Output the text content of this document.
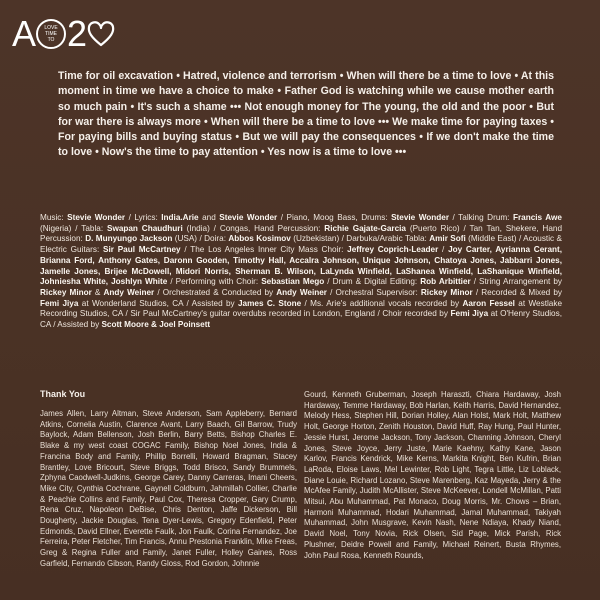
A LOVE
TIME
TO 2

Time for oil excavation • Hatred, violence and terrorism • When will there be a time to love • At this moment in time we have a choice to make • Father God is watching while we cause mother earth so much pain • It's such a shame ••• Not enough money for The young, the old and the poor • But for war there is always more • When will there be a time to love ••• We make time for paying taxes • For paying bills and buying status • But we will pay the consequences • If we don't make the time to love • Now's the time to pay attention • Yes now is a time to love •••

Music: Stevie Wonder / Lyrics: India.Arie and Stevie Wonder / Piano, Moog Bass, Drums: Stevie Wonder / Talking Drum: Francis Awe (Nigeria) / Tabla: Swapan Chaudhuri (India) / Congas, Hand Percussion: Richie Gajate-Garcia (Puerto Rico) / Tan Tan, Shekere, Hand Percussion: D. Munyungo Jackson (USA) / Doira: Abbos Kosimov (Uzbekistan) / Darbuka/Arabic Tabla: Amir Sofi (Middle East) / Acoustic & Electric Guitars: Sir Paul McCartney / The Los Angeles Inner City Mass Choir: Jeffrey Coprich-Leader / Joy Carter, Ayrianna Cerant, Brianna Ford, Anthony Gates, Daronn Gooden, Timothy Hall, Accalra Johnson, Unique Johnson, Chatoya Jones, Jabbarri Jones, Jamelle Jones, Brijee McDowell, Midori Norris, Sherman B. Wilson, LaLynda Winfield, LaShanea Winfield, LaShanique Winfield, Johniesha White, Joshlyn White / Performing with Choir: Sebastian Mego / Drum & Digital Editing: Rob Arbittier / String Arrangement by Rickey Minor & Andy Weiner / Orchestrated & Conducted by Andy Weiner / Orchestral Supervisor: Rickey Minor / Recorded & Mixed by Femi Jiya at Wonderland Studios, CA / Assisted by James C. Stone / Ms. Arie's additional vocals recorded by Aaron Fessel at Westlake Recording Studios, CA / Sir Paul McCartney's guitar overdubs recorded in London, England / Choir recorded by Femi Jiya at O'Henry Studios, CA / Assisted by Scott Moore & Joel Poinsett

Thank You

James Allen, Larry Altman, Steve Anderson, Sam Appleberry, Bernard Atkins, Cornelia Austin, Clarence Avant, Larry Baach, Gil Barrow, Trudy Baylock, Adam Bellenson, Josh Berlin, Barry Betts, Bishop Charles E. Blake & my west coast COGAC Family, Bishop Noel Jones, India & Francina Body and Family, Phillip Borrelli, Howard Bragman, Stacey Brantley, Love Bricourt, Steve Briggs, Todd Brisco, Sandy Brummels, Zphyna Caodwell-Judkins, George Carey, Danny Carreras, Imani Cheers, Mike City, Cynthia Cochrane, Gaynell Coldburn, Jahmillah Collier, Charlie & Peachie Collins and Family, Paul Cox, Theresa Cropper, Gary Crump, Rena Cruz, Napoleon DeBise, Chris Denton, Jaffe Dickerson, Bill Dougherty, Jackie Douglas, Tena Dyer-Lewis, Gregory Edenfield, Peter Edmonds, David Ellner, Everette Faulk, Jon Faulk, Corina Fernandez, Joe Ferreira, Peter Fletcher, Tim Francis, Annu Prestonia Franklin, Mike Freas, Greg & Regina Fuller and Family, Janet Fuller, Holley Gaines, Ross Garfield, Fernando Gibson, Randy Gloss, Rod Gordon, Johnnie

Gourd, Kenneth Gruberman, Joseph Haraszti, Chiara Hardaway, Josh Hardaway, Temme Hardaway, Bob Harlan, Keith Harris, David Hernandez, Melody Hess, Stephen Hill, Dorian Holley, Alan Holst, Mark Holt, Matthew Holt, George Horton, Zenith Houston, David Huff, Ray Hung, Paul Hunter, Jessie Hurst, Jerome Jackson, Tony Jackson, Channing Johnson, Cheryl Jones, Steve Joyce, Jerry Juste, Marie Kaehny, Kathy Kane, Jason Karlov, Francis Kendrick, Mike Kerns, Markita Knight, Ben Kufrin, Brian LaRoda, Eloise Laws, Mel Lewinter, Rob Light, Tegra Little, Liz Loblack, Diane Louie, Richard Lozano, Steve Marenberg, Kaz Mayeda, Jerry & the McAfee Family, Judith McAllister, Steve McKeever, Londell McMillan, Patti Mitsui, Abu Muhammad, Pat Monaco, Doug Morris, Mr. Chows – Brian, Harmoni Muhammad, Hodari Muhammad, Jamal Muhammad, Takiyah Muhammad, John Musgrave, Kevin Nash, Nene Ndiaya, Khady Niand, David Noel, Tony Novia, Rick Olsen, Sid Page, Mick Parish, Rick Plushner, Deidre Powell and Family, Michael Reinert, Busta Rhymes, John Paul Rosa, Kenneth Rounds,
